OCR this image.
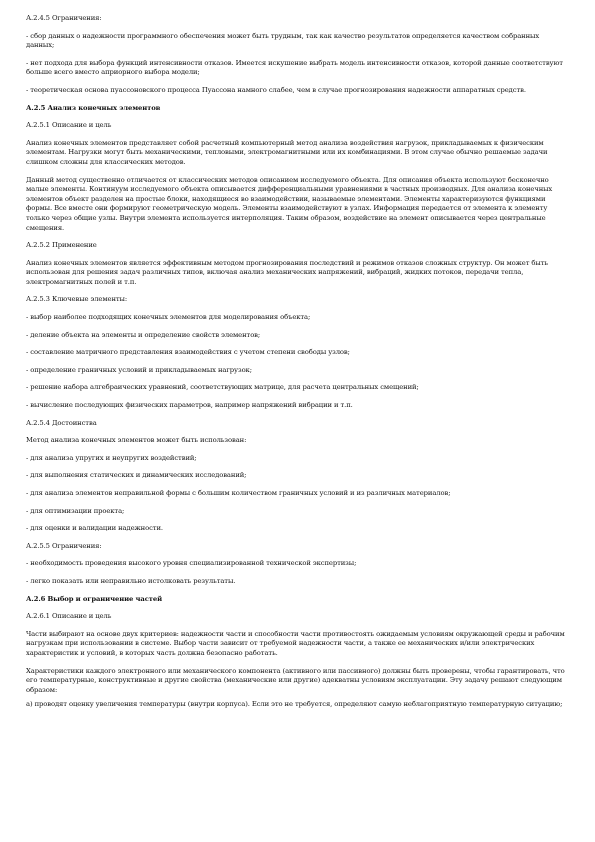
А.2.4.5 Ограничения:

- сбор данных о надежности программного обеспечения может быть трудным, так как качество результатов определяется качеством собранных данных;

- нет подхода для выбора функций интенсивности отказов. Имеется искушение выбрать модель интенсивности отказов, которой данные соответствуют больше всего вместо априорного выбора модели;

- теоретическая основа пуассоновского процесса Пуассона намного слабее, чем в случае прогнозирования надежности аппаратных средств.

А.2.5 Анализ конечных элементов

А.2.5.1 Описание и цель

Анализ конечных элементов представляет собой расчетный компьютерный метод анализа воздействия нагрузок, прикладываемых к физическим элементам. Нагрузки могут быть механическими, тепловыми, электромагнитными или их комбинациями. В этом случае обычно решаемые задачи слишком сложны для классических методов.

Данный метод существенно отличается от классических методов описанием исследуемого объекта. Для описания объекта используют бесконечно малые элементы. Континуум исследуемого объекта описывается дифференциальными уравнениями в частных производных. Для анализа конечных элементов объект разделен на простые блоки, находящиеся во взаимодействии, называемые элементами. Элементы характеризуются функциями формы. Все вместе они формируют геометрическую модель. Элементы взаимодействуют в узлах. Информация передается от элемента к элементу только через общие узлы. Внутри элемента используется интерполяция. Таким образом, воздействие на элемент описывается через центральные смещения.

А.2.5.2 Применение

Анализ конечных элементов является эффективным методом прогнозирования последствий и режимов отказов сложных структур. Он может быть использован для решения задач различных типов, включая анализ механических напряжений, вибраций, жидких потоков, передачи тепла, электромагнитных полей и т.п.

А.2.5.3 Ключевые элементы:

- выбор наиболее подходящих конечных элементов для моделирования объекта;

- деление объекта на элементы и определение свойств элементов;

- составление матричного представления взаимодействия с учетом степени свободы узлов;

- определение граничных условий и прикладываемых нагрузок;

- решение набора алгебраических уравнений, соответствующих матрице, для расчета центральных смещений;

- вычисление последующих физических параметров, например напряжений вибрации и т.п.

А.2.5.4 Достоинства

Метод анализа конечных элементов может быть использован:

- для анализа упругих и неупругих воздействий;

- для выполнения статических и динамических исследований;

- для анализа элементов неправильной формы с большим количеством граничных условий и из различных материалов;

- для оптимизации проекта;

- для оценки и валидации надежности.

А.2.5.5 Ограничения:

- необходимость проведения высокого уровня специализированной технической экспертизы;

- легко показать или неправильно истолковать результаты.

А.2.6 Выбор и ограничение частей

А.2.6.1 Описание и цель

Части выбирают на основе двух критериев: надежности части и способности части противостоять ожидаемым условиям окружающей среды и рабочим нагрузкам при использовании в системе. Выбор части зависит от требуемой надежности части, а также ее механических и/или электрических характеристик и условий, в которых часть должна безопасно работать.

Характеристики каждого электронного или механического компонента (активного или пассивного) должны быть проверены, чтобы гарантировать, что его температурные, конструктивные и другие свойства (механические или другие) адекватны условиям эксплуатации. Эту задачу решают следующим образом:

а) проводят оценку увеличения температуры (внутри корпуса). Если это не требуется, определяют самую неблагоприятную температурную ситуацию;
